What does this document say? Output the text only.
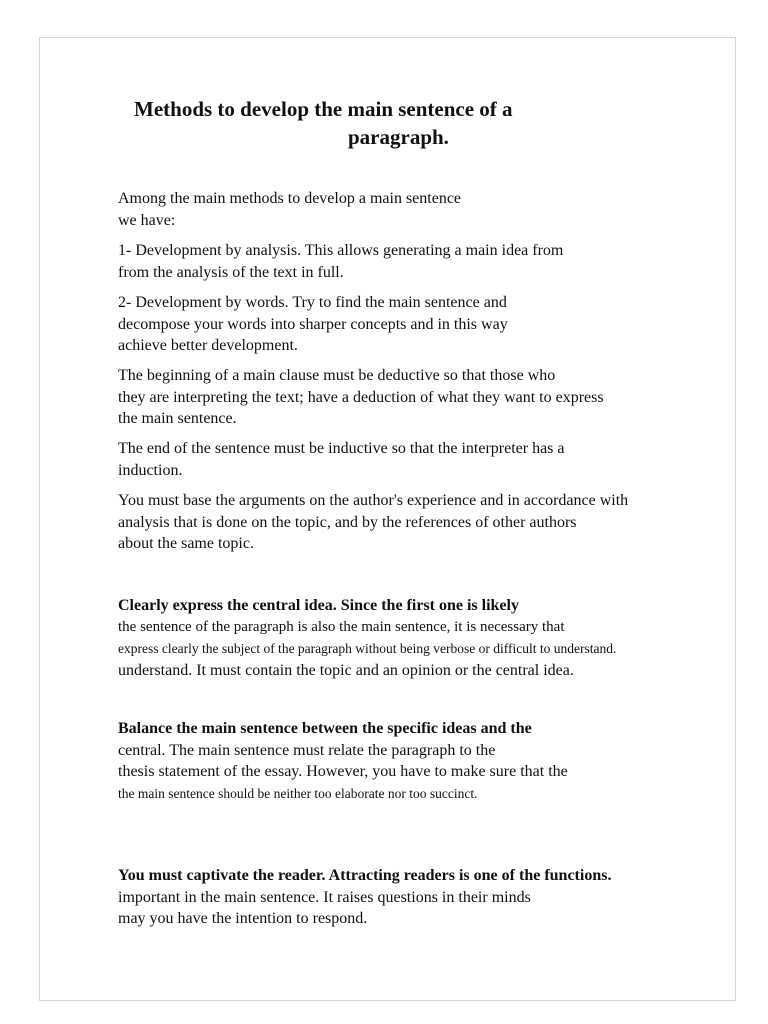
Methods to develop the main sentence of a
paragraph.
Among the main methods to develop a main sentence
we have:
1- Development by analysis. This allows generating a main idea from
from the analysis of the text in full.
2- Development by words. Try to find the main sentence and
decompose your words into sharper concepts and in this way
achieve better development.
The beginning of a main clause must be deductive so that those who
they are interpreting the text; have a deduction of what they want to express
the main sentence.
The end of the sentence must be inductive so that the interpreter has a
induction.
You must base the arguments on the author's experience and in accordance with
analysis that is done on the topic, and by the references of other authors
about the same topic.
Clearly express the central idea. Since the first one is likely
the sentence of the paragraph is also the main sentence, it is necessary that
express clearly the subject of the paragraph without being verbose or difficult to understand.
understand. It must contain the topic and an opinion or the central idea.
Balance the main sentence between the specific ideas and the
central. The main sentence must relate the paragraph to the
thesis statement of the essay. However, you have to make sure that the
the main sentence should be neither too elaborate nor too succinct.
You must captivate the reader. Attracting readers is one of the functions.
important in the main sentence. It raises questions in their minds
may you have the intention to respond.
